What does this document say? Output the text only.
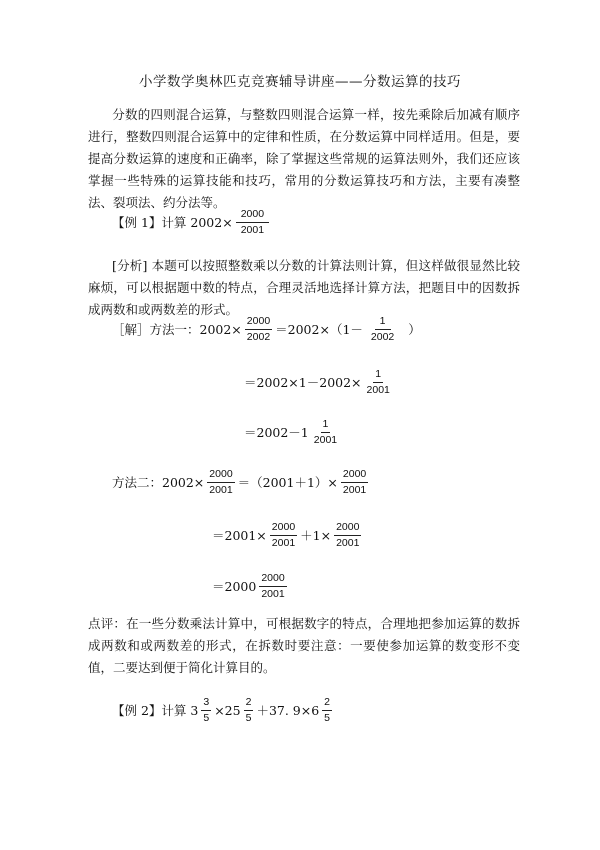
小学数学奥林匹克竞赛辅导讲座——分数运算的技巧
分数的四则混合运算，与整数四则混合运算一样，按先乘除后加减有顺序进行，整数四则混合运算中的定律和性质，在分数运算中同样适用。但是，要提高分数运算的速度和正确率，除了掌握这些常规的运算法则外，我们还应该掌握一些特殊的运算技能和技巧，常用的分数运算技巧和方法，主要有凑整法、裂项法、约分法等。
【例 1】计算 $2002\times \frac{2000}{2001}$
[分析] 本题可以按照整数乘以分数的计算法则计算，但这样做很显然比较麻烦，可以根据题中数的特点，合理灵活地选择计算方法，把题目中的因数拆成两数和或两数差的形式。
［解］方法一：$2002\times \frac{2000}{2002} =2002\times(1- \frac{1}{2002}$ ）
$=2002\times 1-2002\times \frac{1}{2001}$
$=2002-1 \frac{1}{2001}$
方法二：$2002\times \frac{2000}{2001} =(2001+1)\times \frac{2000}{2001}$
$=2001\times \frac{2000}{2001} +1\times \frac{2000}{2001}$
$=2000 \frac{2000}{2001}$
点评：在一些分数乘法计算中，可根据数字的特点，合理地把参加运算的数拆成两数和或两数差的形式，在拆数时要注意：一要使参加运算的数变形不变值，二要达到便于简化计算目的。
【例 2】计算 $3 \frac{3}{5} \times 25 \frac{2}{5} +37$. $9\times 6 \frac{2}{5}$
